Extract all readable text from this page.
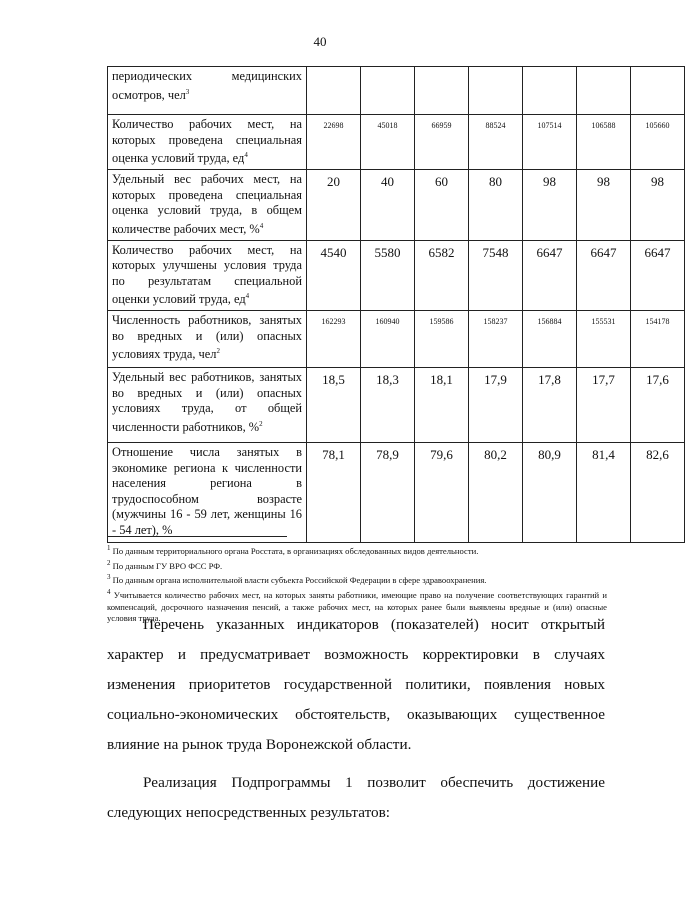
40
периодических медицинских осмотров, чел$^3$	

Количество рабочих мест, на которых проведена специальная оценка условий труда, $ед^4$	22698	45018	66959	88524	107514	106588	105660

Удельный вес рабочих мест, на которых проведена специальная оценка условий труда, в общем количестве рабочих мест, %$^4$	20	40	60	80	98	98	98

Количество рабочих мест, на которых улучшены условия труда по результатам специальной оценки условий труда, $ед^4$	4540	5580	6582	7548	6647	6647	6647

Численность работников, занятых во вредных и (или) опасных условиях труда, чел$^2$	162293	160940	159586	158237	156884	155531	154178

Удельный вес работников, занятых во вредных и (или) опасных условиях труда, от общей численности работников, %$^2$	18,5	18,3	18,1	17,9	17,8	17,7	17,6

Отношение числа занятых в экономике региона к численности населения региона в трудоспособном возрасте (мужчины 16 - 59 лет, женщины 16 - 54 лет), %	78,1	78,9	79,6	80,2	80,9	81,4	82,6
$^1$ По данным территориального органа Росстата, в организациях обследованных видов деятельности.
$^2$ По данным ГУ ВРО ФСС РФ.
$^3$ По данным органа исполнительной власти субъекта Российской Федерации в сфере здравоохранения.
$^4$ Учитывается количество рабочих мест, на которых заняты работники, имеющие право на получение соответствующих гарантий и компенсаций, досрочного назначения пенсий, а также рабочих мест, на которых ранее были выявлены вредные и (или) опасные условия труда.
Перечень указанных индикаторов (показателей) носит открытый характер и предусматривает возможность корректировки в случаях изменения приоритетов государственной политики, появления новых социально-экономических обстоятельств, оказывающих существенное влияние на рынок труда Воронежской области.
Реализация Подпрограммы 1 позволит обеспечить достижение следующих непосредственных результатов:
